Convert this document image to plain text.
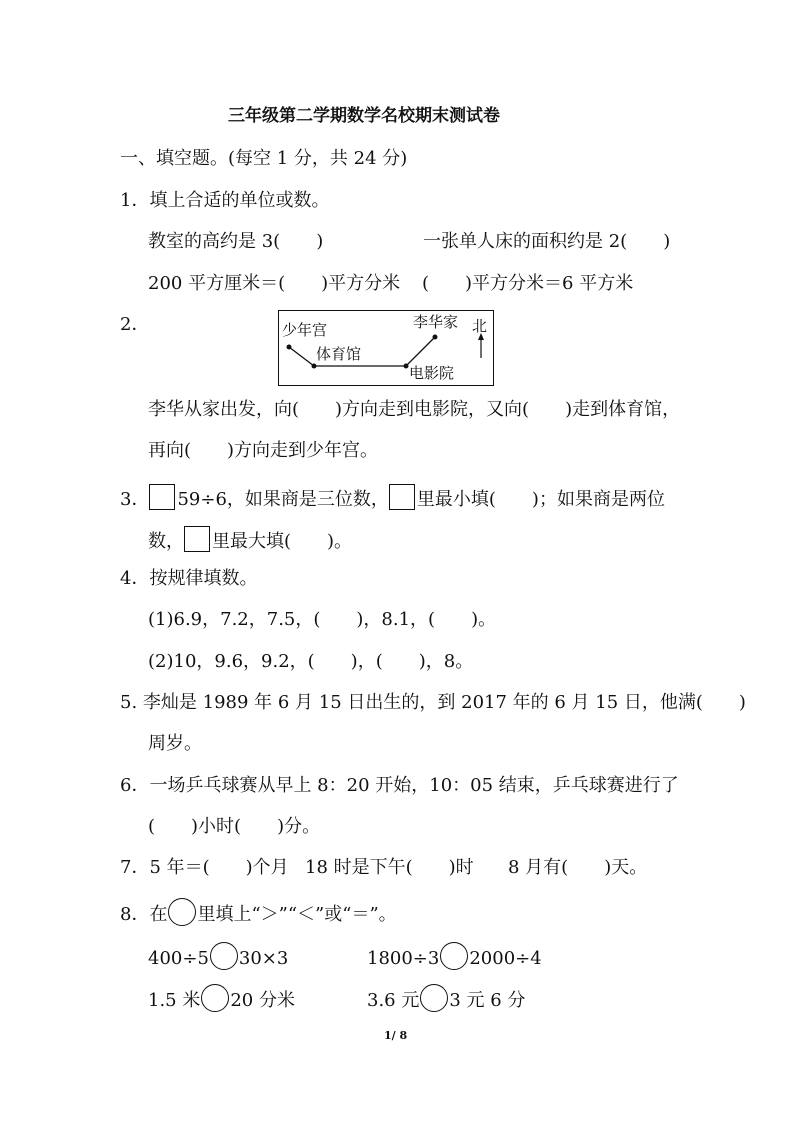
三年级第二学期数学名校期末测试卷
一、填空题。(每空 1 分，共 24 分)
1．填上合适的单位或数。
教室的高约是 3(　　)	一张单人床的面积约是 2(　　)
200 平方厘米＝(　　)平方分米 (　　)平方分米＝6 平方米
2．	少年宫
体育馆
李华家 北
电影院
李华从家出发，向(　　)方向走到电影院，又向(　　)走到体育馆，
再向(　　)方向走到少年宫。
3． 59÷6，如果商是三位数， 里最小填(　　)；如果商是两位
数， 里最大填(　　)。
4．按规律填数。
(1)6.9，7.2，7.5，(　　)，8.1，(　　)。
(2)10，9.6，9.2，(　　)，(　　)，8。
5. 李灿是 1989 年 6 月 15 日出生的，到 2017 年的 6 月 15 日，他满(　　)
周岁。
6．一场乒乓球赛从早上 8：20 开始，10：05 结束，乒乓球赛进行了
(　　)小时(　　)分。
7．5 年＝(　　)个月 18 时是下午(　　)时 8 月有(　　)天。
8．在 里填上“＞”“＜”或“＝”。
400÷5 30×3	1800÷3 2000÷4
1.5 米 20 分米	3.6 元 3 元 6 分
1/ 8
